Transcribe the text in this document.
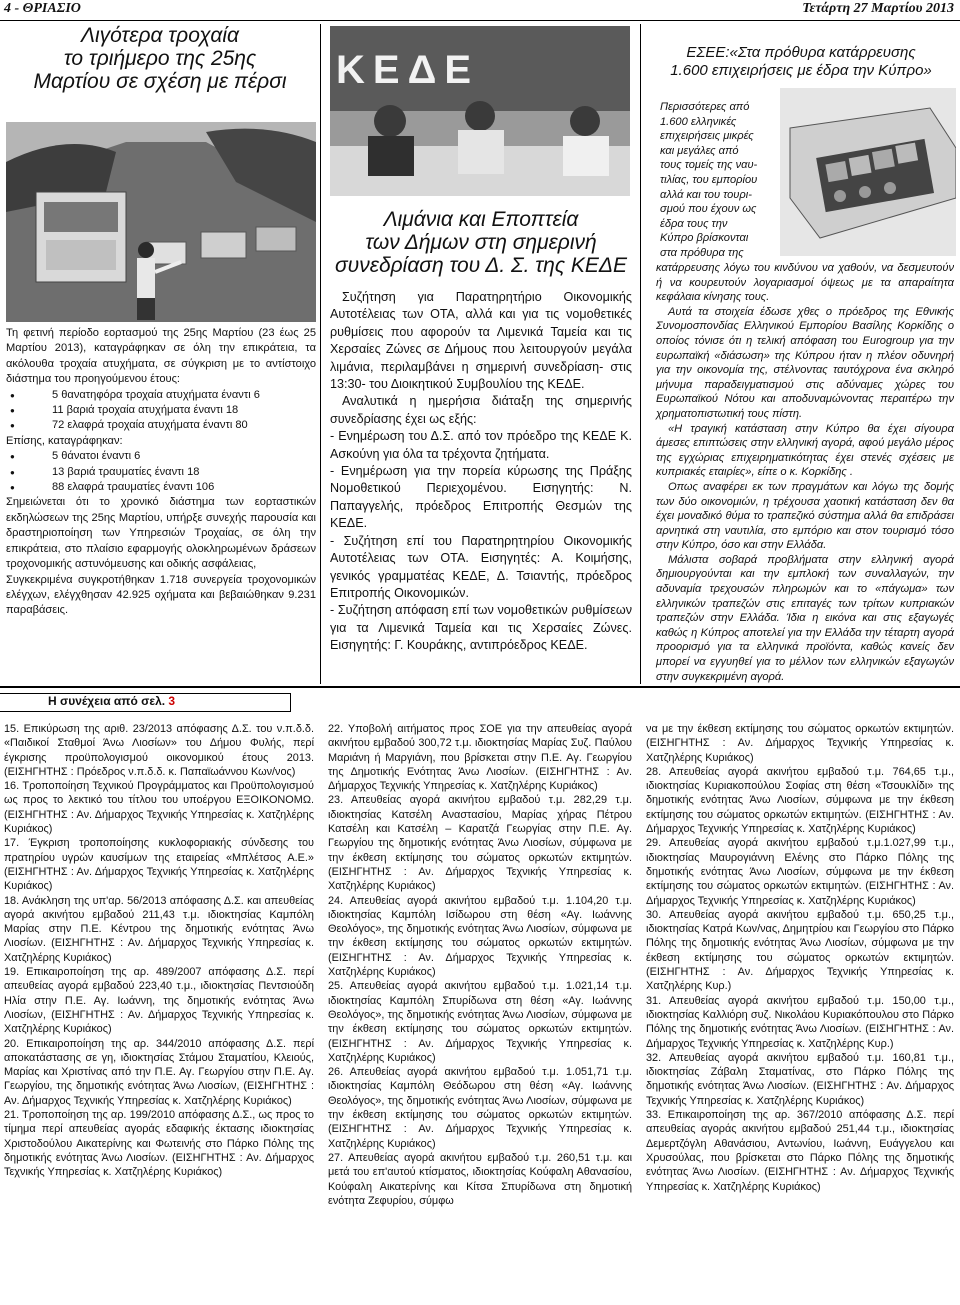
4 - ΘΡΙΑΣΙΟ	Τετάρτη 27 Μαρτίου 2013
Λιγότερα τροχαία
το τριήμερο της 25ης
Μαρτίου σε σχέση με πέρσι

Τη φετινή περίοδο εορτασμού της 25ης Μαρτίου (23 έως 25 Μαρτίου 2013), καταγράφηκαν σε όλη την επικράτεια, τα ακόλουθα τροχαία ατυχήματα, σε σύγκριση με το αντίστοιχο διάστημα του προηγούμενου έτους:

● 5 θανατηφόρα τροχαία ατυχήματα έναντι 6

● 11 βαριά τροχαία ατυχήματα έναντι 18

● 72 ελαφρά τροχαία ατυχήματα έναντι 80

Επίσης, καταγράφηκαν:

● 5 θάνατοι έναντι 6

● 13 βαριά τραυματίες έναντι 18

● 88 ελαφρά τραυματίες έναντι 106

Σημειώνεται ότι το χρονικό διάστημα των εορταστικών εκδηλώσεων της 25ης Μαρτίου, υπήρξε συνεχής παρουσία και δραστηριοποίηση των Υπηρεσιών Τροχαίας, σε όλη την επικράτεια, στο πλαίσιο εφαρμογής ολοκληρωμένων δράσεων τροχονομικής αστυνόμευσης και οδικής ασφάλειας,

Συγκεκριμένα συγκροτήθηκαν 1.718 συνεργεία τροχονομικών ελέγχων, ελέγχθησαν 42.925 οχήματα και βεβαιώθηκαν 9.231 παραβάσεις.

ΚΕΔΕ
Λιμάνια και Εποπτεία
των Δήμων στη σημερινή
συνεδρίαση του Δ. Σ. της ΚΕΔΕ

Συζήτηση για Παρατηρητήριο Οικονομικής Αυτοτέλειας των ΟΤΑ, αλλά και για τις νομοθετικές ρυθμίσεις που αφορούν τα Λιμενικά Ταμεία και τις Χερσαίες Ζώνες σε Δήμους που λειτουργούν μεγάλα λιμάνια, περιλαμβάνει η σημερινή συνεδρίαση- στις 13:30- του Διοικητικού Συμβουλίου της ΚΕΔΕ.

Αναλυτικά η ημερήσια διάταξη της σημερινής συνεδρίασης έχει ως εξής:

- Ενημέρωση του Δ.Σ. από τον πρόεδρο της ΚΕΔΕ Κ. Ασκούνη για όλα τα τρέχοντα ζητήματα.

- Ενημέρωση για την πορεία κύρωσης της Πράξης Νομοθετικού Περιεχομένου. Εισηγητής: Ν. Παπαγγελής, πρόεδρος Επιτροπής Θεσμών της ΚΕΔΕ.

- Συζήτηση επί του Παρατηρητηρίου Οικονομικής Αυτοτέλειας των ΟΤΑ. Εισηγητές: Α. Κοιμήσης, γενικός γραμματέας ΚΕΔΕ, Δ. Τσιαντής, πρόεδρος Επιτροπής Οικονομικών.

- Συζήτηση απόφαση επί των νομοθετικών ρυθμίσεων για τα Λιμενικά Ταμεία και τις Χερσαίες Ζώνες. Εισηγητής: Γ. Κουράκης, αντιπρόεδρος ΚΕΔΕ.

ΕΣΕΕ:«Στα πρόθυρα κατάρρευσης
1.600 επιχειρήσεις με έδρα την Κύπρο»
Περισσότερες από
1.600 ελληνικές
επιχειρήσεις μικρές
και μεγάλες από
τους τομείς της ναυ-
τιλίας, του εμπορίου
αλλά και του τουρι-
σμού που έχουν ως
έδρα τους την
Κύπρο βρίσκονται
στα πρόθυρα της

κατάρρευσης λόγω του κινδύνου να χαθούν, να δεσμευτούν ή να κουρευτούν λογαριασμοί όψεως με τα απαραίτητα κεφάλαια κίνησης τους.

Αυτά τα στοιχεία έδωσε χθες ο πρόεδρος της Εθνικής Συνομοσπονδίας Ελληνικού Εμπορίου Βασίλης Κορκίδης ο οποίος τόνισε ότι η τελική απόφαση του Eurogroup για την ευρωπαϊκή «διάσωση» της Κύπρου ήταν η πλέον οδυνηρή για την οικονομία της, στέλνοντας ταυτόχρονα ένα σκληρό μήνυμα παραδειγματισμού στις αδύναμες χώρες του Ευρωπαϊκού Νότου και αποδυναμώνοντας περαιτέρω την χρηματοπιστωτική τους πίστη.

«Η τραγική κατάσταση στην Κύπρο θα έχει σίγουρα άμεσες επιπτώσεις στην ελληνική αγορά, αφού μεγάλο μέρος της εγχώριας επιχειρηματικότητας έχει στενές σχέσεις με κυπριακές εταιρίες», είπε ο κ. Κορκίδης .

Οπως αναφέρει εκ των πραγμάτων και λόγω της δομής των δύο οικονομιών, η τρέχουσα χαοτική κατάσταση δεν θα έχει μοναδικό θύμα το τραπεζικό σύστημα αλλά θα επιδράσει αρνητικά στη ναυτιλία, στο εμπόριο και στον τουρισμό τόσο στην Κύπρο, όσο και στην Ελλάδα.

Μάλιστα σοβαρά προβλήματα στην ελληνική αγορά δημιουργούνται και την εμπλοκή των συναλλαγών, την αδυναμία τρεχουσών πληρωμών και το «πάγωμα» των ελληνικών τραπεζών στις επιταγές των τρίτων κυπριακών τραπεζών στην Ελλάδα. Ίδια η εικόνα και στις εξαγωγές καθώς η Κύπρος αποτελεί για την Ελλάδα την τέταρτη αγορά προορισμό για τα ελληνικά προϊόντα, καθώς κανείς δεν μπορεί να εγγυηθεί για το μέλλον των ελληνικών εξαγωγών στην συγκεκριμένη αγορά.

Η συνέχεια από σελ. 3

15. Επικύρωση της αριθ. 23/2013 απόφασης Δ.Σ. του ν.π.δ.δ. «Παιδικοί Σταθμοί Άνω Λιοσίων» του Δήμου Φυλής, περί έγκρισης προϋπολογισμού οικονομικού έτους 2013. (ΕΙΣΗΓΗΤΗΣ : Πρόεδρος ν.π.δ.δ. κ. Παπαϊωάννου Κων/νος)

16. Τροποποίηση Τεχνικού Προγράμματος και Προϋπολογισμού ως προς το λεκτικό του τίτλου του υποέργου ΕΞΟΙΚΟΝΟΜΩ. (ΕΙΣΗΓΗΤΗΣ : Αν. Δήμαρχος Τεχνικής Υπηρεσίας κ. Χατζηλέρης Κυριάκος)

17. Έγκριση τροποποίησης κυκλοφοριακής σύνδεσης του πρατηρίου υγρών καυσίμων της εταιρείας «Μπλέτσος Α.Ε.» (ΕΙΣΗΓΗΤΗΣ : Αν. Δήμαρχος Τεχνικής Υπηρεσίας κ. Χατζηλέρης Κυριάκος)

18. Ανάκληση της υπ'αρ. 56/2013 απόφασης Δ.Σ. και απευθείας αγορά ακινήτου εμβαδού 211,43 τ.μ. ιδιοκτησίας Καμπόλη Μαρίας στην Π.Ε. Κέντρου της δημοτικής ενότητας Άνω Λιοσίων. (ΕΙΣΗΓΗΤΗΣ : Αν. Δήμαρχος Τεχνικής Υπηρεσίας κ. Χατζηλέρης Κυριάκος)

19. Επικαιροποίηση της αρ. 489/2007 απόφασης Δ.Σ. περί απευθείας αγορά εμβαδού 223,40 τ.μ., ιδιοκτησίας Πεντσιούδη Ηλία στην Π.Ε. Αγ. Ιωάννη, της δημοτικής ενότητας Άνω Λιοσίων, (ΕΙΣΗΓΗΤΗΣ : Αν. Δήμαρχος Τεχνικής Υπηρεσίας κ. Χατζηλέρης Κυριάκος)

20. Επικαιροποίηση της αρ. 344/2010 απόφασης Δ.Σ. περί αποκατάστασης σε γη, ιδιοκτησίας Στάμου Σταματίου, Κλειούς, Μαρίας και Χριστίνας από την Π.Ε. Αγ. Γεωργίου στην Π.Ε. Αγ. Γεωργίου, της δημοτικής ενότητας Άνω Λιοσίων, (ΕΙΣΗΓΗΤΗΣ : Αν. Δήμαρχος Τεχνικής Υπηρεσίας κ. Χατζηλέρης Κυριάκος)

21. Τροποποίηση της αρ. 199/2010 απόφασης Δ.Σ., ως προς το τίμημα περί απευθείας αγοράς εδαφικής έκτασης ιδιοκτησίας Χριστοδούλου Αικατερίνης και Φωτεινής στο Πάρκο Πόλης της δημοτικής ενότητας Άνω Λιοσίων. (ΕΙΣΗΓΗΤΗΣ : Αν. Δήμαρχος Τεχνικής Υπηρεσίας κ. Χατζηλέρης Κυριάκος)

22. Υποβολή αιτήματος προς ΣΟΕ για την απευθείας αγορά ακινήτου εμβαδού 300,72 τ.μ. ιδιοκτησίας Μαρίας Συζ. Παύλου Μαριάνη ή Μαργιάνη, που βρίσκεται στην Π.Ε. Αγ. Γεωργίου της Δημοτικής Ενότητας Άνω Λιοσίων. (ΕΙΣΗΓΗΤΗΣ : Αν. Δήμαρχος Τεχνικής Υπηρεσίας κ. Χατζηλέρης Κυριάκος)

23. Απευθείας αγορά ακινήτου εμβαδού τ.μ. 282,29 τ.μ. ιδιοκτησίας Κατσέλη Αναστασίου, Μαρίας χήρας Πέτρου Κατσέλη και Κατσέλη – Καρατζά Γεωργίας στην Π.Ε. Αγ. Γεωργίου της δημοτικής ενότητας Άνω Λιοσίων, σύμφωνα με την έκθεση εκτίμησης του σώματος ορκωτών εκτιμητών. (ΕΙΣΗΓΗΤΗΣ : Αν. Δήμαρχος Τεχνικής Υπηρεσίας κ. Χατζηλέρης Κυριάκος)

24. Απευθείας αγορά ακινήτου εμβαδού τ.μ. 1.104,20 τ.μ. ιδιοκτησίας Καμπόλη Ισίδωρου στη θέση «Αγ. Ιωάννης Θεολόγος», της δημοτικής ενότητας Άνω Λιοσίων, σύμφωνα με την έκθεση εκτίμησης του σώματος ορκωτών εκτιμητών. (ΕΙΣΗΓΗΤΗΣ : Αν. Δήμαρχος Τεχνικής Υπηρεσίας κ. Χατζηλέρης Κυριάκος)

25. Απευθείας αγορά ακινήτου εμβαδού τ.μ. 1.021,14 τ.μ. ιδιοκτησίας Καμπόλη Σπυρίδωνα στη θέση «Αγ. Ιωάννης Θεολόγος», της δημοτικής ενότητας Άνω Λιοσίων, σύμφωνα με την έκθεση εκτίμησης του σώματος ορκωτών εκτιμητών. (ΕΙΣΗΓΗΤΗΣ : Αν. Δήμαρχος Τεχνικής Υπηρεσίας κ. Χατζηλέρης Κυριάκος)

26. Απευθείας αγορά ακινήτου εμβαδού τ.μ. 1.051,71 τ.μ. ιδιοκτησίας Καμπόλη Θεόδωρου στη θέση «Αγ. Ιωάννης Θεολόγος», της δημοτικής ενότητας Άνω Λιοσίων, σύμφωνα με την έκθεση εκτίμησης του σώματος ορκωτών εκτιμητών. (ΕΙΣΗΓΗΤΗΣ : Αν. Δήμαρχος Τεχνικής Υπηρεσίας κ. Χατζηλέρης Κυριάκος)

27. Απευθείας αγορά ακινήτου εμβαδού τ.μ. 260,51 τ.μ. και μετά του επ'αυτού κτίσματος, ιδιοκτησίας Κούφαλη Αθανασίου, Κούφαλη Αικατερίνης και Κίτσα Σπυρίδωνα στη δημοτική ενότητα Ζεφυρίου, σύμφω

να με την έκθεση εκτίμησης του σώματος ορκωτών εκτιμητών. (ΕΙΣΗΓΗΤΗΣ : Αν. Δήμαρχος Τεχνικής Υπηρεσίας κ. Χατζηλέρης Κυριάκος)

28. Απευθείας αγορά ακινήτου εμβαδού τ.μ. 764,65 τ.μ., ιδιοκτησίας Κυριακοπούλου Σοφίας στη θέση «Τσουκλίδι» της δημοτικής ενότητας Άνω Λιοσίων, σύμφωνα με την έκθεση εκτίμησης του σώματος ορκωτών εκτιμητών. (ΕΙΣΗΓΗΤΗΣ : Αν. Δήμαρχος Τεχνικής Υπηρεσίας κ. Χατζηλέρης Κυριάκος)

29. Απευθείας αγορά ακινήτου εμβαδού τ.μ.1.027,99 τ.μ., ιδιοκτησίας Μαυρογιάννη Ελένης στο Πάρκο Πόλης της δημοτικής ενότητας Άνω Λιοσίων, σύμφωνα με την έκθεση εκτίμησης του σώματος ορκωτών εκτιμητών. (ΕΙΣΗΓΗΤΗΣ : Αν. Δήμαρχος Τεχνικής Υπηρεσίας κ. Χατζηλέρης Κυριάκος)

30. Απευθείας αγορά ακινήτου εμβαδού τ.μ. 650,25 τ.μ., ιδιοκτησίας Κατρά Κων/νας, Δημητρίου και Γεωργίου στο Πάρκο Πόλης της δημοτικής ενότητας Άνω Λιοσίων, σύμφωνα με την έκθεση εκτίμησης του σώματος ορκωτών εκτιμητών. (ΕΙΣΗΓΗΤΗΣ : Αν. Δήμαρχος Τεχνικής Υπηρεσίας κ. Χατζηλέρης Κυρ.)

31. Απευθείας αγορά ακινήτου εμβαδού τ.μ. 150,00 τ.μ., ιδιοκτησίας Καλλιόρη συζ. Νικολάου Κυριακόπουλου στο Πάρκο Πόλης της δημοτικής ενότητας Άνω Λιοσίων. (ΕΙΣΗΓΗΤΗΣ : Αν. Δήμαρχος Τεχνικής Υπηρεσίας κ. Χατζηλέρης Κυρ.)

32. Απευθείας αγορά ακινήτου εμβαδού τ.μ. 160,81 τ.μ., ιδιοκτησίας Ζάβαλη Σταματίνας, στο Πάρκο Πόλης της δημοτικής ενότητας Άνω Λιοσίων. (ΕΙΣΗΓΗΤΗΣ : Αν. Δήμαρχος Τεχνικής Υπηρεσίας κ. Χατζηλέρης Κυριάκος)

33. Επικαιροποίηση της αρ. 367/2010 απόφασης Δ.Σ. περί απευθείας αγοράς ακινήτου εμβαδού 251,44 τ.μ., ιδιοκτησίας Δεμερτζόγλη Αθανάσιου, Αντωνίου, Ιωάννη, Ευάγγελου και Χρυσούλας, που βρίσκεται στο Πάρκο Πόλης της δημοτικής ενότητας Άνω Λιοσίων. (ΕΙΣΗΓΗΤΗΣ : Αν. Δήμαρχος Τεχνικής Υπηρεσίας κ. Χατζηλέρης Κυριάκος)
